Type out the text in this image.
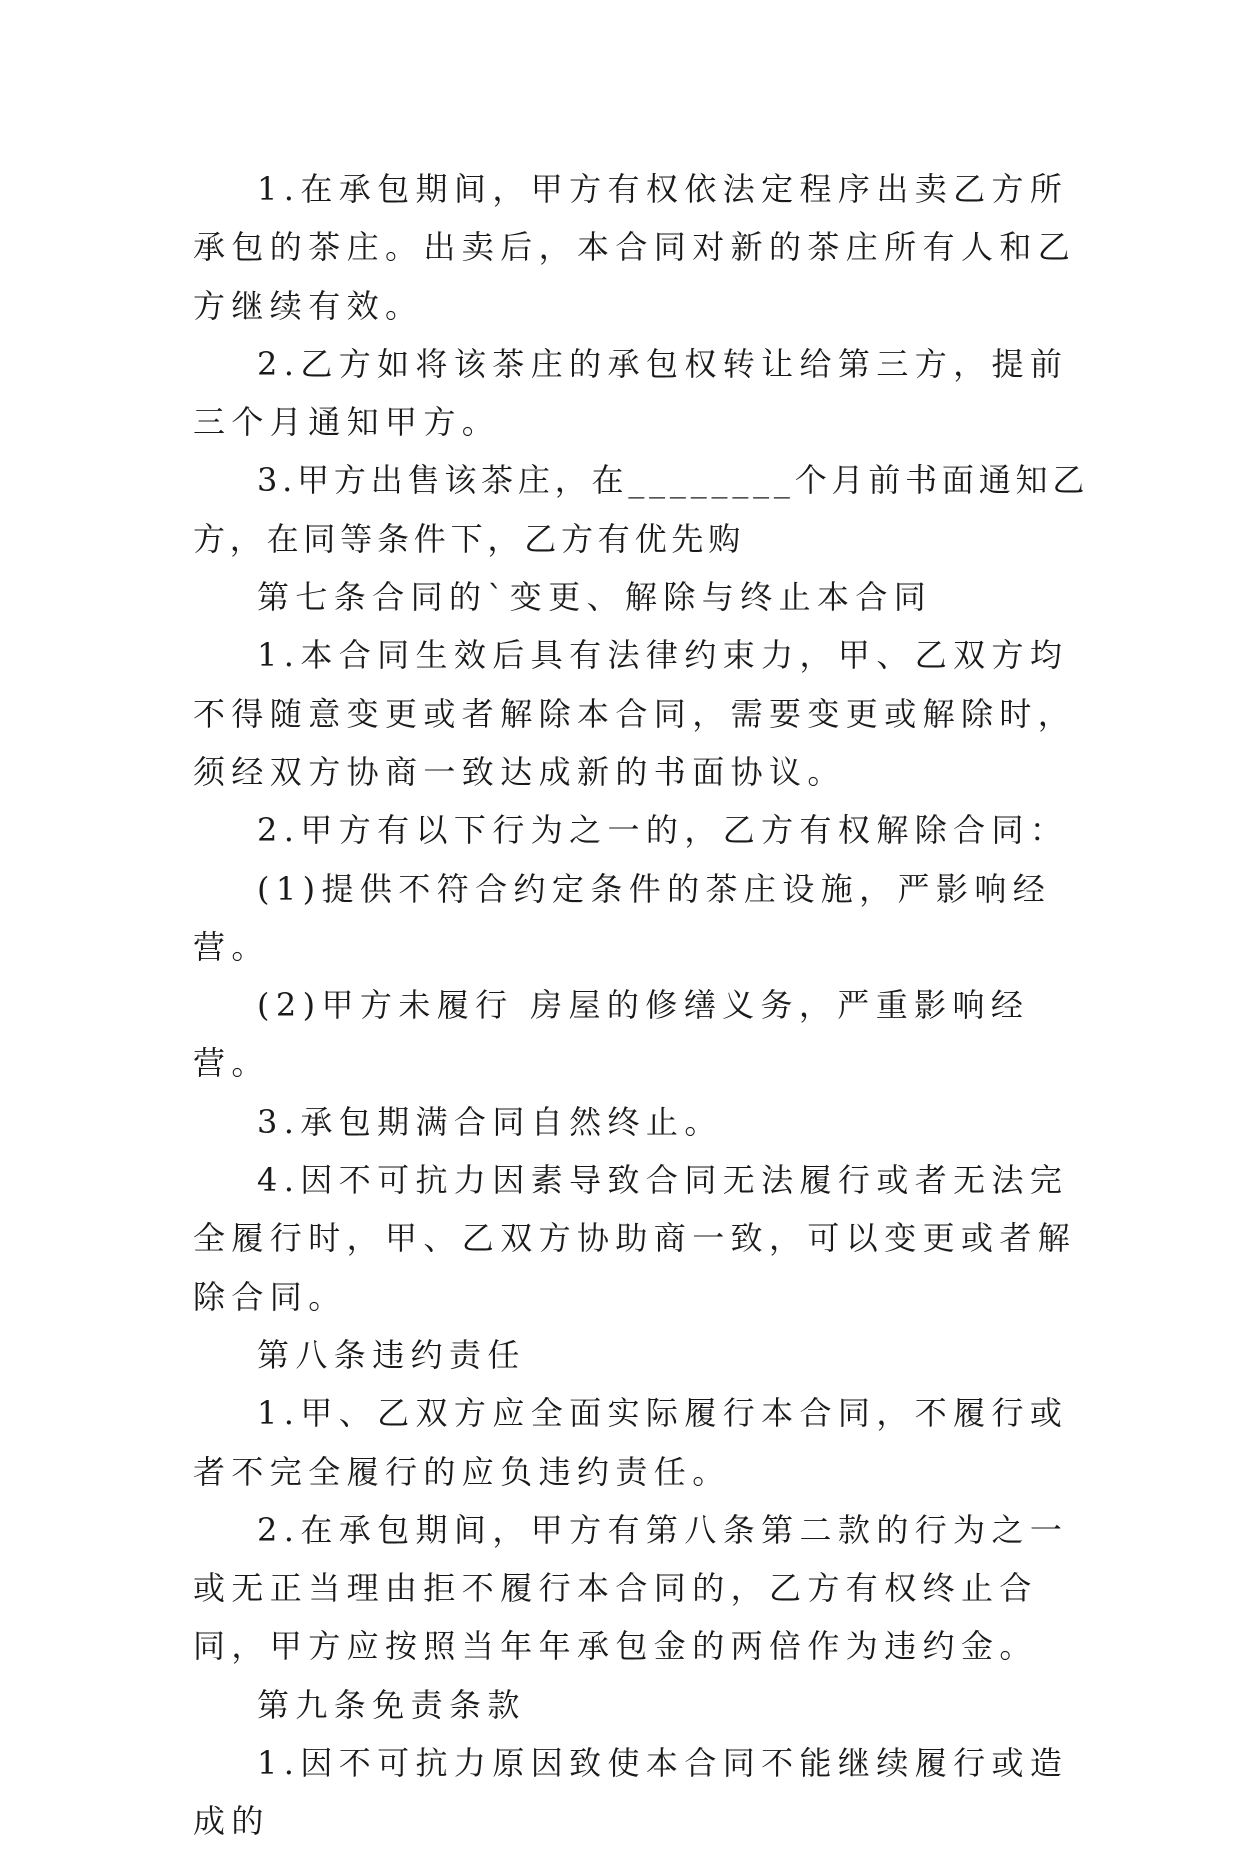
1.在承包期间，甲方有权依法定程序出卖乙方所承包的茶庄。出卖后，本合同对新的茶庄所有人和乙方继续有效。

2.乙方如将该茶庄的承包权转让给第三方，提前三个月通知甲方。

3.甲方出售该茶庄，在________个月前书面通知乙方，在同等条件下，乙方有优先购

第七条合同的`变更、解除与终止本合同

1.本合同生效后具有法律约束力，甲、乙双方均不得随意变更或者解除本合同，需要变更或解除时，须经双方协商一致达成新的书面协议。

2.甲方有以下行为之一的，乙方有权解除合同：

(1)提供不符合约定条件的茶庄设施，严影响经营。

(2)甲方未履行 房屋的修缮义务，严重影响经营。

3.承包期满合同自然终止。

4.因不可抗力因素导致合同无法履行或者无法完全履行时，甲、乙双方协助商一致，可以变更或者解除合同。

第八条违约责任

1.甲、乙双方应全面实际履行本合同，不履行或者不完全履行的应负违约责任。

2.在承包期间，甲方有第八条第二款的行为之一或无正当理由拒不履行本合同的，乙方有权终止合同，甲方应按照当年年承包金的两倍作为违约金。

第九条免责条款

1.因不可抗力原因致使本合同不能继续履行或造成的
